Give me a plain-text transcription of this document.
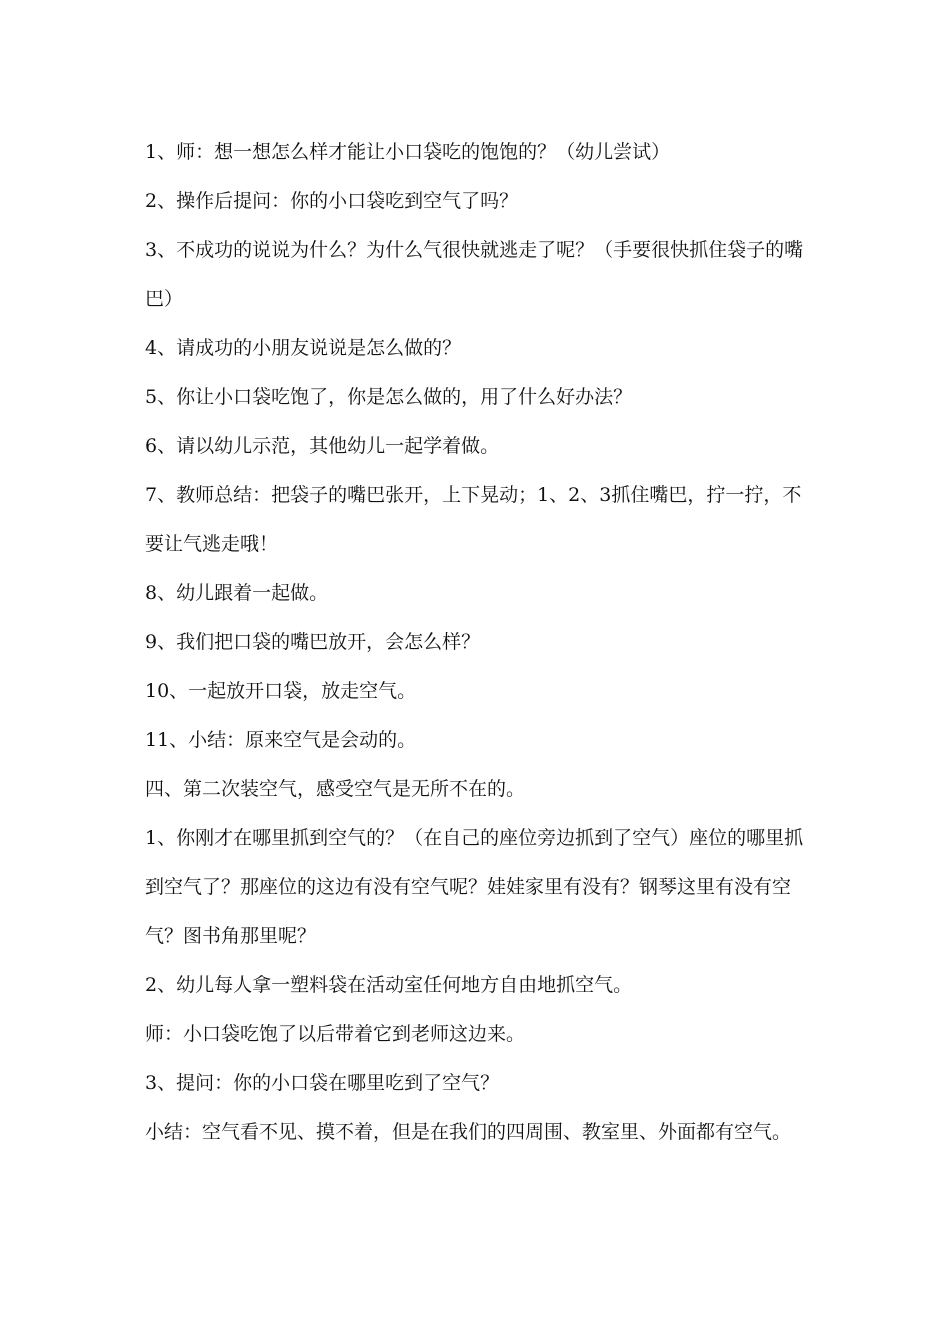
1、师：想一想怎么样才能让小口袋吃的饱饱的？（幼儿尝试）

2、操作后提问：你的小口袋吃到空气了吗？

3、不成功的说说为什么？为什么气很快就逃走了呢？（手要很快抓住袋子的嘴巴）

4、请成功的小朋友说说是怎么做的？

5、你让小口袋吃饱了，你是怎么做的，用了什么好办法？

6、请以幼儿示范，其他幼儿一起学着做。

7、教师总结：把袋子的嘴巴张开，上下晃动；1、2、3抓住嘴巴，拧一拧，不要让气逃走哦！

8、幼儿跟着一起做。

9、我们把口袋的嘴巴放开，会怎么样？

10、一起放开口袋，放走空气。

11、小结：原来空气是会动的。

四、第二次装空气，感受空气是无所不在的。

1、你刚才在哪里抓到空气的？（在自己的座位旁边抓到了空气）座位的哪里抓到空气了？那座位的这边有没有空气呢？娃娃家里有没有？钢琴这里有没有空气？图书角那里呢？

2、幼儿每人拿一塑料袋在活动室任何地方自由地抓空气。

师：小口袋吃饱了以后带着它到老师这边来。

3、提问：你的小口袋在哪里吃到了空气？

小结：空气看不见、摸不着，但是在我们的四周围、教室里、外面都有空气。
